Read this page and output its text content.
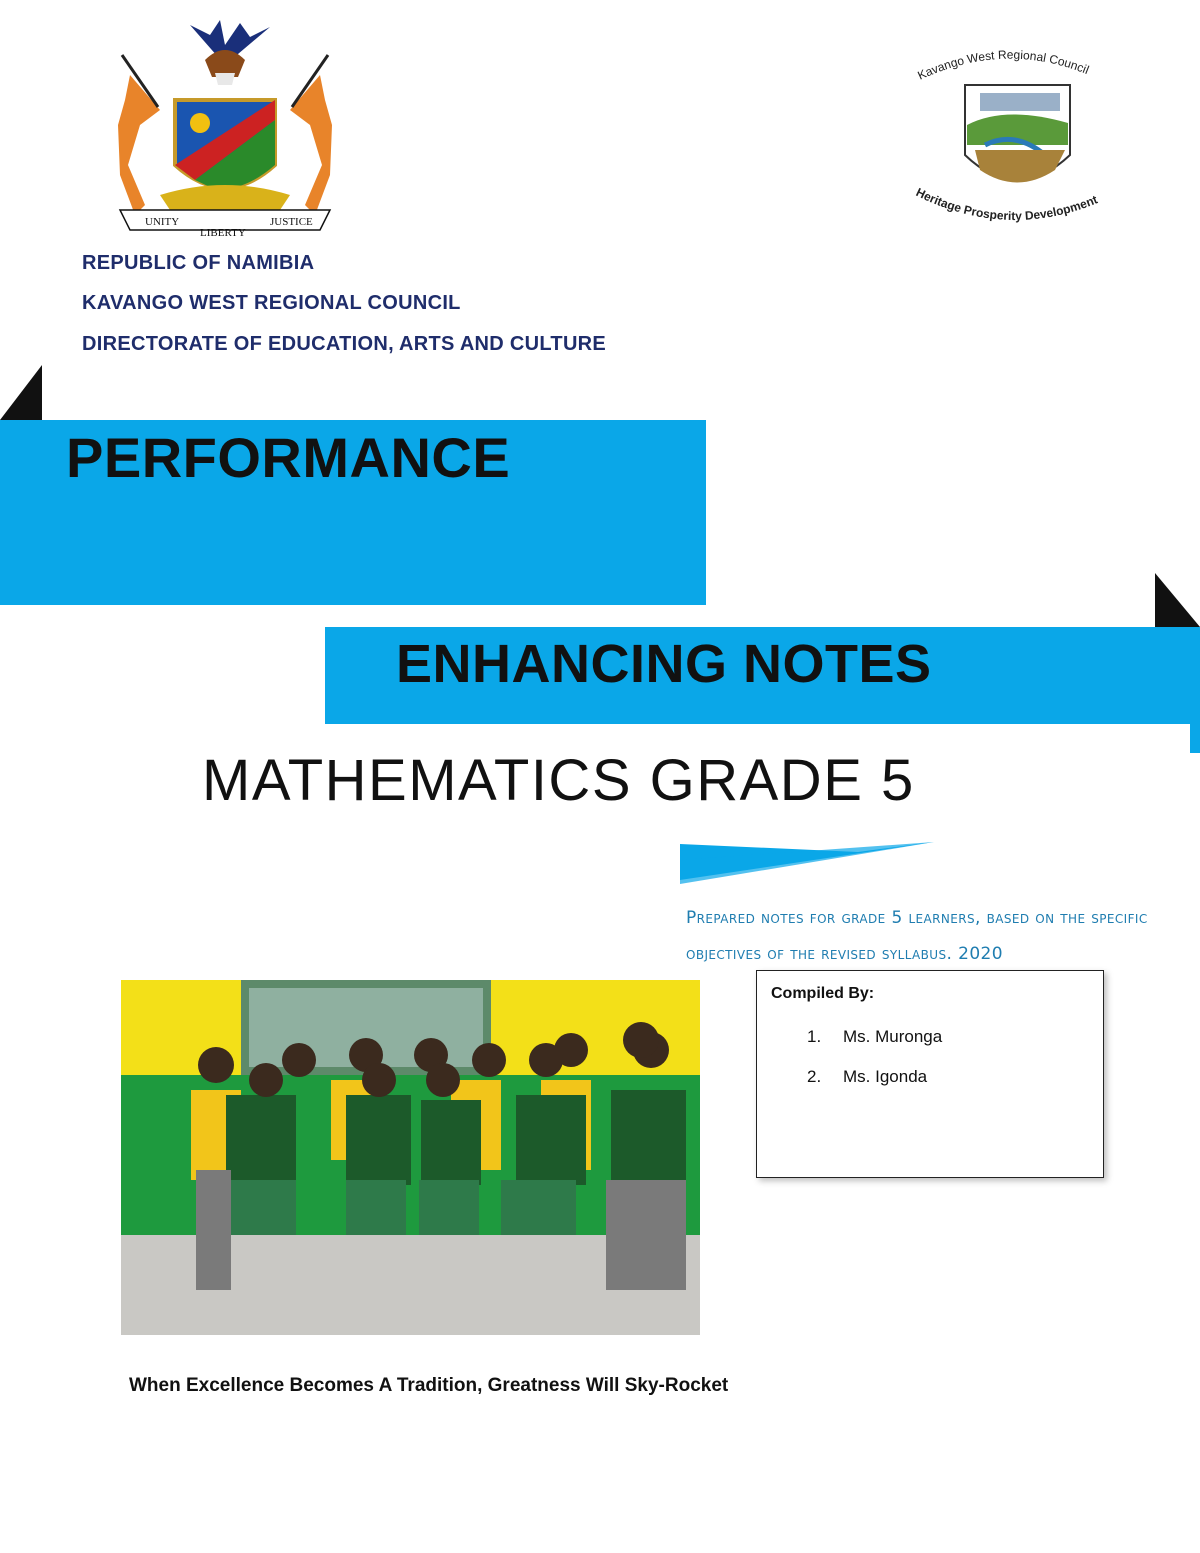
UNITY
LIBERTY
JUSTICE
Kavango West Regional Council
Heritage Prosperity Development
REPUBLIC OF NAMIBIA
KAVANGO WEST REGIONAL COUNCIL
DIRECTORATE OF EDUCATION, ARTS AND CULTURE
PERFORMANCE
ENHANCING NOTES
MATHEMATICS GRADE 5
Prepared notes for grade 5 learners, based on the specific objectives of the revised syllabus. 2020
Compiled By:
1. Ms. Muronga
2. Ms. Igonda
When Excellence Becomes A Tradition, Greatness Will Sky-Rocket
